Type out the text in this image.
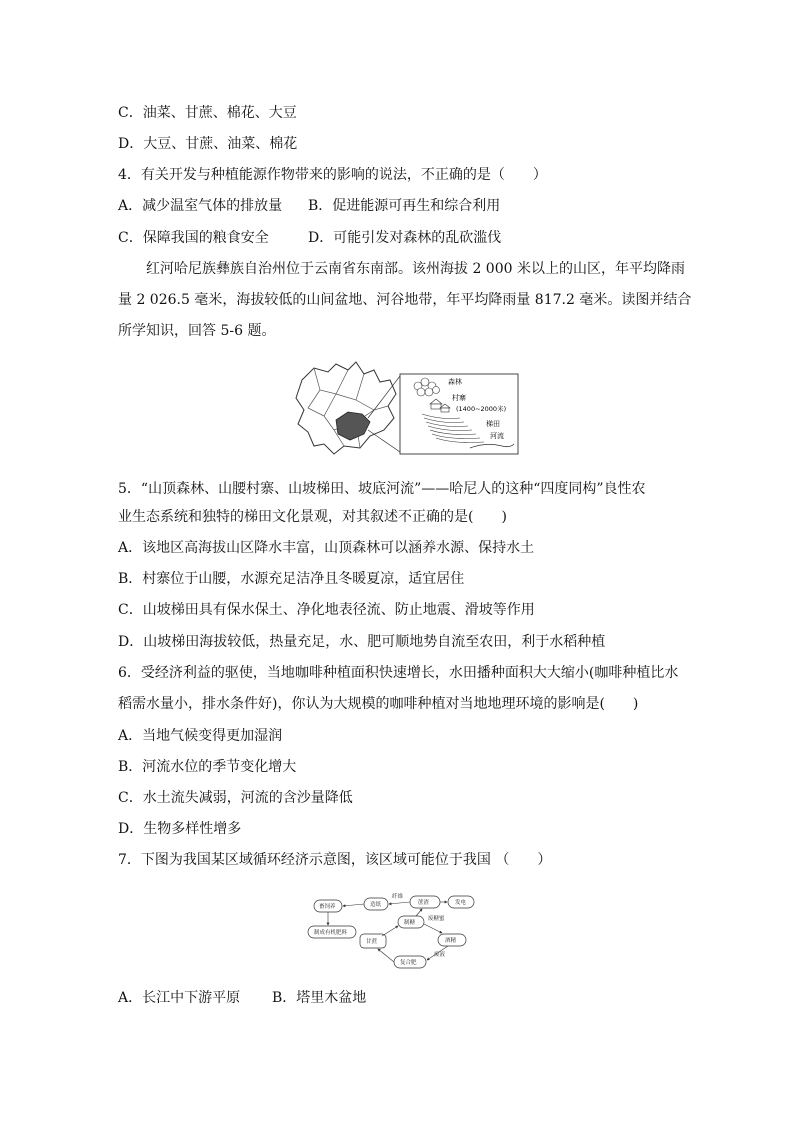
C．油菜、甘蔗、棉花、大豆
D．大豆、甘蔗、油菜、棉花
4．有关开发与种植能源作物带来的影响的说法，不正确的是（　　）
A．减少温室气体的排放量 B．促进能源可再生和综合利用
C．保障我国的粮食安全	D．可能引发对森林的乱砍滥伐
红河哈尼族彝族自治州位于云南省东南部。该州海拔 2 000 米以上的山区，年平均降雨
量 2 026.5 毫米，海拔较低的山间盆地、河谷地带，年平均降雨量 817.2 毫米。读图并结合
所学知识，回答 5-6 题。
森林
村寨
(1400~2000米)
梯田
河流
5．“山顶森林、山腰村寨、山坡梯田、坡底河流”——哈尼人的这种“四度同构”良性农
业生态系统和独特的梯田文化景观，对其叙述不正确的是(　　)
A．该地区高海拔山区降水丰富，山顶森林可以涵养水源、保持水土
B．村寨位于山腰，水源充足洁净且冬暖夏凉，适宜居住
C．山坡梯田具有保水保土、净化地表径流、防止地震、滑坡等作用
D．山坡梯田海拔较低，热量充足，水、肥可顺地势自流至农田，利于水稻种植
6．受经济利益的驱使，当地咖啡种植面积快速增长，水田播种面积大大缩小(咖啡种植比水
稻需水量小，排水条件好)，你认为大规模的咖啡种植对当地地理环境的影响是(　　)
A．当地气候变得更加湿润
B．河流水位的季节变化增大
C．水土流失减弱，河流的含沙量降低
D．生物多样性增多
7．下图为我国某区域循环经济示意图，该区域可能位于我国 （　　）
畜饲养
制成有机肥料
造纸	蔗渣	发电
制糖
酒精
甘蔗
复合肥
纤维
废糖蜜
废液
A．长江中下游平原 B．塔里木盆地
